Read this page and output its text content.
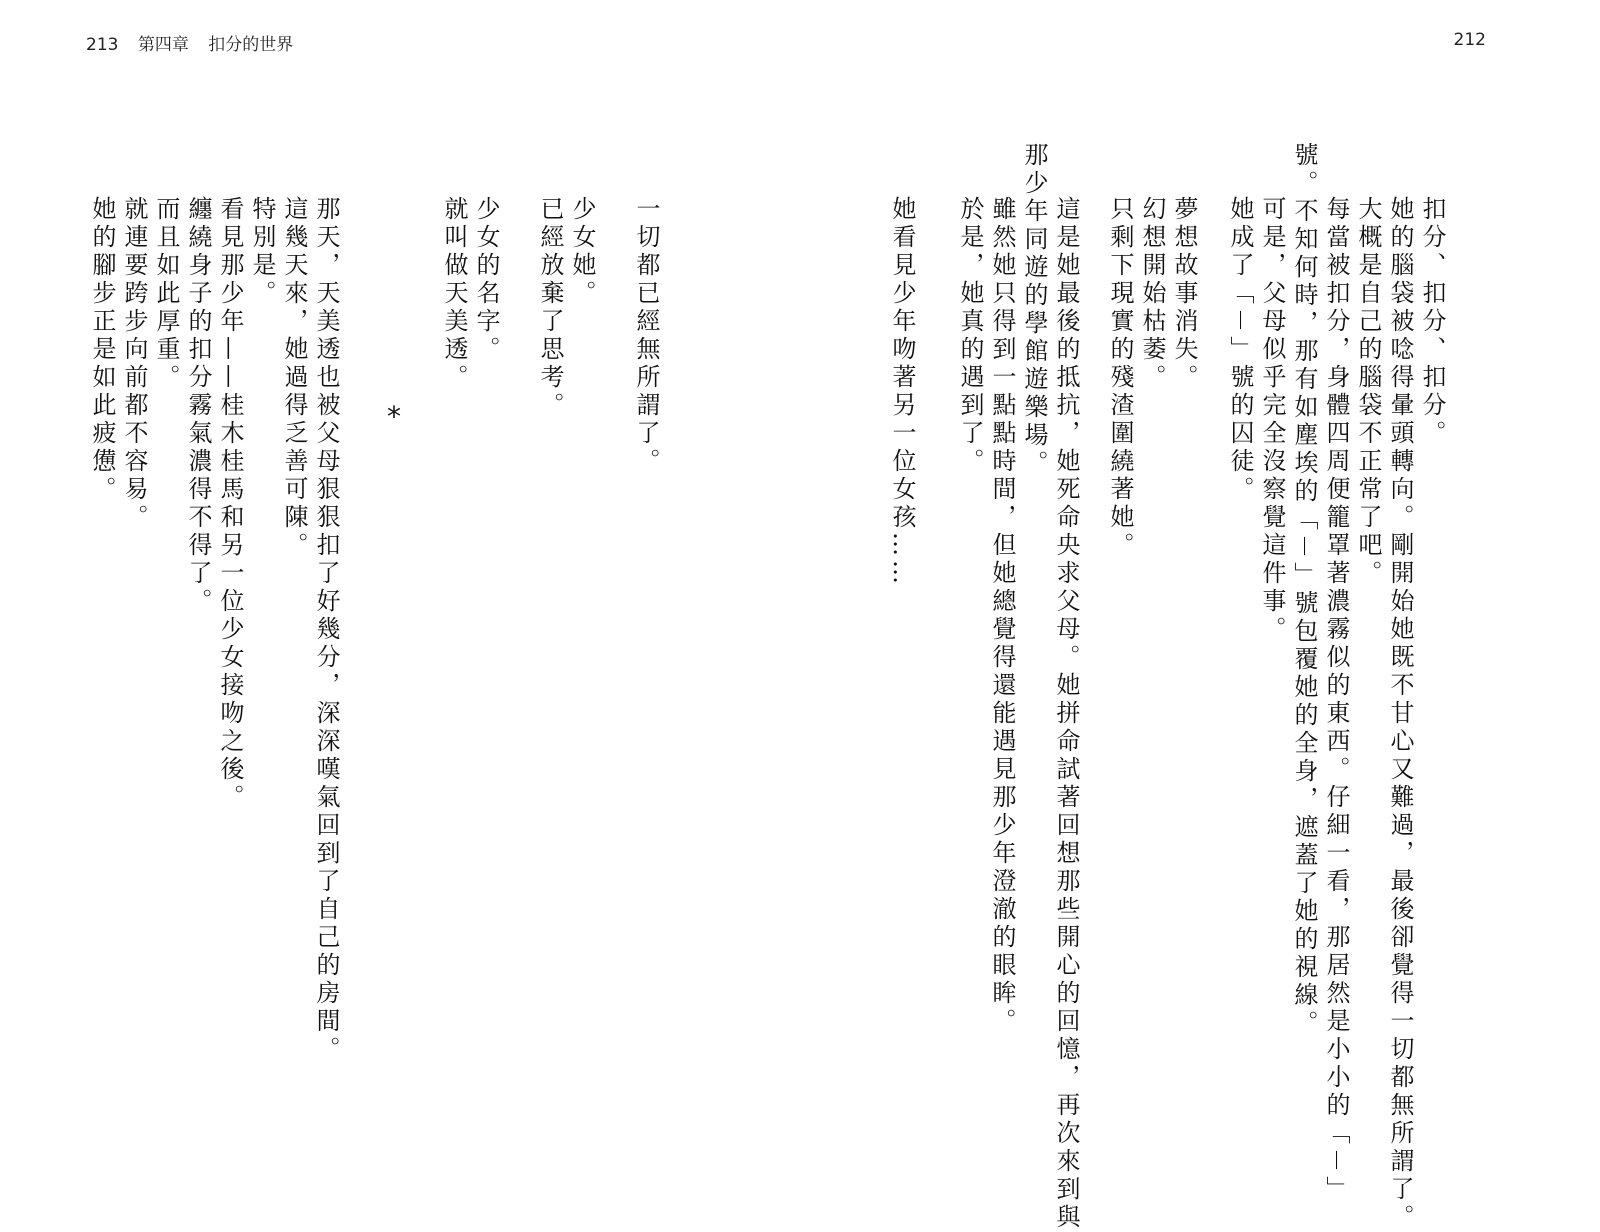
213 第四章 扣分的世界	212
扣分、扣分、扣分。
她的腦袋被唸得暈頭轉向。剛開始她既不甘心又難過，最後卻覺得一切都無所謂了。
大概是自己的腦袋不正常了吧。
每當被扣分，身體四周便籠罩著濃霧似的東西。仔細一看，那居然是小小的「－」
號。不知何時，那有如塵埃的「－」號包覆她的全身，遮蓋了她的視線。
可是，父母似乎完全沒察覺這件事。
她成了「－」號的囚徒。
夢想故事消失。
幻想開始枯萎。
只剩下現實的殘渣圍繞著她。
這是她最後的抵抗，她死命央求父母。她拼命試著回想那些開心的回憶，再次來到與
那少年同遊的學館遊樂場。
雖然她只得到一點點時間，但她總覺得還能遇見那少年澄澈的眼眸。
於是，她真的遇到了。
她看見少年吻著另一位女孩……
一切都已經無所謂了。
少女她。
已經放棄了思考。
少女的名字。
就叫做天美透。
*
那天，天美透也被父母狠狠扣了好幾分，深深嘆氣回到了自己的房間。
這幾天來，她過得乏善可陳。
特別是。
看見那少年——桂木桂馬和另一位少女接吻之後。
纏繞身子的扣分霧氣濃得不得了。
而且如此厚重。
就連要跨步向前都不容易。
她的腳步正是如此疲憊。
